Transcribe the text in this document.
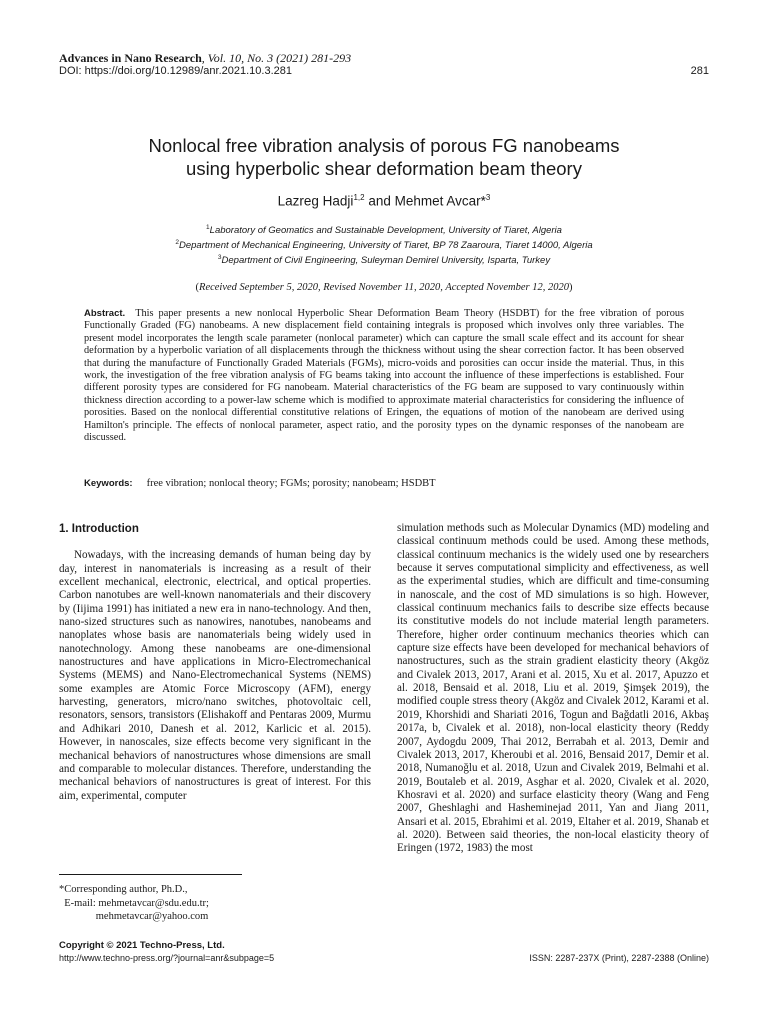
Advances in Nano Research, Vol. 10, No. 3 (2021) 281-293
DOI: https://doi.org/10.12989/anr.2021.10.3.281	281
Nonlocal free vibration analysis of porous FG nanobeams
using hyperbolic shear deformation beam theory
Lazreg Hadji$^{1,2}$ and Mehmet Avcar*$^3$
$^1$Laboratory of Geomatics and Sustainable Development, University of Tiaret, Algeria
$^2$Department of Mechanical Engineering, University of Tiaret, BP 78 Zaaroura, Tiaret 14000, Algeria
$^3$Department of Civil Engineering, Suleyman Demirel University, Isparta, Turkey
(Received September 5, 2020, Revised November 11, 2020, Accepted November 12, 2020)
Abstract. This paper presents a new nonlocal Hyperbolic Shear Deformation Beam Theory (HSDBT) for the free vibration of porous Functionally Graded (FG) nanobeams. A new displacement field containing integrals is proposed which involves only three variables. The present model incorporates the length scale parameter (nonlocal parameter) which can capture the small scale effect and its account for shear deformation by a hyperbolic variation of all displacements through the thickness without using the shear correction factor. It has been observed that during the manufacture of Functionally Graded Materials (FGMs), micro-voids and porosities can occur inside the material. Thus, in this work, the investigation of the free vibration analysis of FG beams taking into account the influence of these imperfections is established. Four different porosity types are considered for FG nanobeam. Material characteristics of the FG beam are supposed to vary continuously within thickness direction according to a power-law scheme which is modified to approximate material characteristics for considering the influence of porosities. Based on the nonlocal differential constitutive relations of Eringen, the equations of motion of the nanobeam are derived using Hamilton's principle. The effects of nonlocal parameter, aspect ratio, and the porosity types on the dynamic responses of the nanobeam are discussed.
Keywords: free vibration; nonlocal theory; FGMs; porosity; nanobeam; HSDBT
1. Introduction

Nowadays, with the increasing demands of human being day by day, interest in nanomaterials is increasing as a result of their excellent mechanical, electronic, electrical, and optical properties. Carbon nanotubes are well-known nanomaterials and their discovery by (Iijima 1991) has initiated a new era in nano-technology. And then, nano-sized structures such as nanowires, nanotubes, nanobeams and nanoplates whose basis are nanomaterials being widely used in nanotechnology. Among these nanobeams are one-dimensional nanostructures and have applications in Micro-Electromechanical Systems (MEMS) and Nano-Electromechanical Systems (NEMS) some examples are Atomic Force Microscopy (AFM), energy harvesting, generators, micro/nano switches, photovoltaic cell, resonators, sensors, transistors (Elishakoff and Pentaras 2009, Murmu and Adhikari 2010, Danesh et al. 2012, Karlicic et al. 2015). However, in nanoscales, size effects become very significant in the mechanical behaviors of nanostructures whose dimensions are small and comparable to molecular distances. Therefore, understanding the mechanical behaviors of nanostructures is great of interest. For this aim, experimental, computer

simulation methods such as Molecular Dynamics (MD) modeling and classical continuum methods could be used. Among these methods, classical continuum mechanics is the widely used one by researchers because it serves computational simplicity and effectiveness, as well as the experimental studies, which are difficult and time-consuming in nanoscale, and the cost of MD simulations is so high. However, classical continuum mechanics fails to describe size effects because its constitutive models do not include material length parameters. Therefore, higher order continuum mechanics theories which can capture size effects have been developed for mechanical behaviors of nanostructures, such as the strain gradient elasticity theory (Akgöz and Civalek 2013, 2017, Arani et al. 2015, Xu et al. 2017, Apuzzo et al. 2018, Bensaid et al. 2018, Liu et al. 2019, Şimşek 2019), the modified couple stress theory (Akgöz and Civalek 2012, Karami et al. 2019, Khorshidi and Shariati 2016, Togun and Bağdatli 2016, Akbaş 2017a, b, Civalek et al. 2018), non-local elasticity theory (Reddy 2007, Aydogdu 2009, Thai 2012, Berrabah et al. 2013, Demir and Civalek 2013, 2017, Kheroubi et al. 2016, Bensaid 2017, Demir et al. 2018, Numanoğlu et al. 2018, Uzun and Civalek 2019, Belmahi et al. 2019, Boutaleb et al. 2019, Asghar et al. 2020, Civalek et al. 2020, Khosravi et al. 2020) and surface elasticity theory (Wang and Feng 2007, Gheshlaghi and Hasheminejad 2011, Yan and Jiang 2011, Ansari et al. 2015, Ebrahimi et al. 2019, Eltaher et al. 2019, Shanab et al. 2020). Between said theories, the non-local elasticity theory of Eringen (1972, 1983) the most

*Corresponding author, Ph.D.,
E-mail: mehmetavcar@sdu.edu.tr;
mehmetavcar@yahoo.com
Copyright © 2021 Techno-Press, Ltd.
http://www.techno-press.org/?journal=anr&subpage=5	ISSN: 2287-237X (Print), 2287-2388 (Online)
